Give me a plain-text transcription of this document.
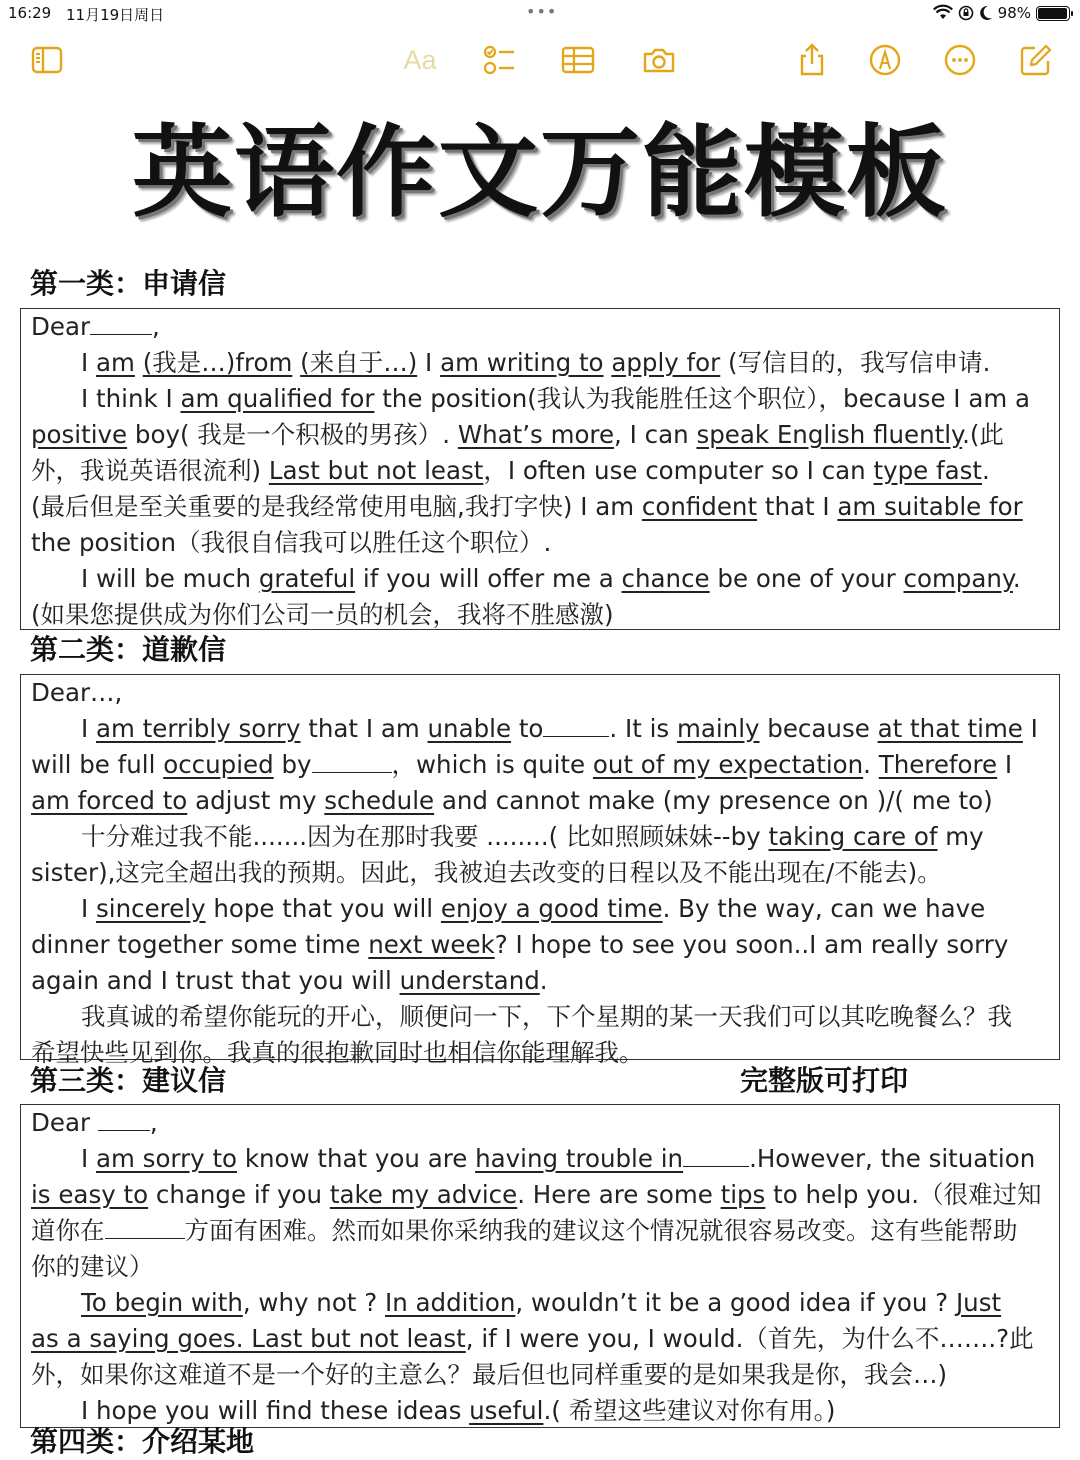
16:29 11月19日周日	•••	98%
Aa
英语作文万能模板
第一类：申请信

Dear	,

I am (我是…)from (来自于…) I am writing to apply for (写信目的，我写信申请.

I think I am qualified for the position(我认为我能胜任这个职位），because I am a

positive boy( 我是一个积极的男孩）. What’s more, I can speak English fluently.(此

外，我说英语很流利) Last but not least，I often use computer so I can type fast.

(最后但是至关重要的是我经常使用电脑,我打字快) I am confident that I am suitable for

the position（我很自信我可以胜任这个职位）.

I will be much grateful if you will offer me a chance be one of your company.

(如果您提供成为你们公司一员的机会，我将不胜感激)

第二类：道歉信

Dear…,

I am terribly sorry that I am unable to	. It is mainly because at that time I

will be full occupied by	，which is quite out of my expectation. Therefore I

am forced to adjust my schedule and cannot make (my presence on )/( me to)

十分难过我不能.......因为在那时我要 ........( 比如照顾妹妹--by taking care of my

sister),这完全超出我的预期。因此，我被迫去改变的日程以及不能出现在/不能去)。

I sincerely hope that you will enjoy a good time. By the way, can we have

dinner together some time next week? I hope to see you soon..I am really sorry

again and I trust that you will understand.

我真诚的希望你能玩的开心，顺便问一下，下个星期的某一天我们可以其吃晚餐么？我

希望快些见到你。我真的很抱歉同时也相信你能理解我。

第三类：建议信	完整版可打印

Dear ,

I am sorry to know that you are having trouble in	.However, the situation

is easy to change if you take my advice. Here are some tips to help you.（很难过知

道你在	方面有困难。然而如果你采纳我的建议这个情况就很容易改变。这有些能帮助

你的建议）

To begin with, why not ? In addition, wouldn’t it be a good idea if you ? Just

as a saying goes. Last but not least, if I were you, I would.（首先，为什么不…….?此

外，如果你这难道不是一个好的主意么？最后但也同样重要的是如果我是你，我会…)

I hope you will find these ideas useful.( 希望这些建议对你有用。)

第四类：介绍某地
